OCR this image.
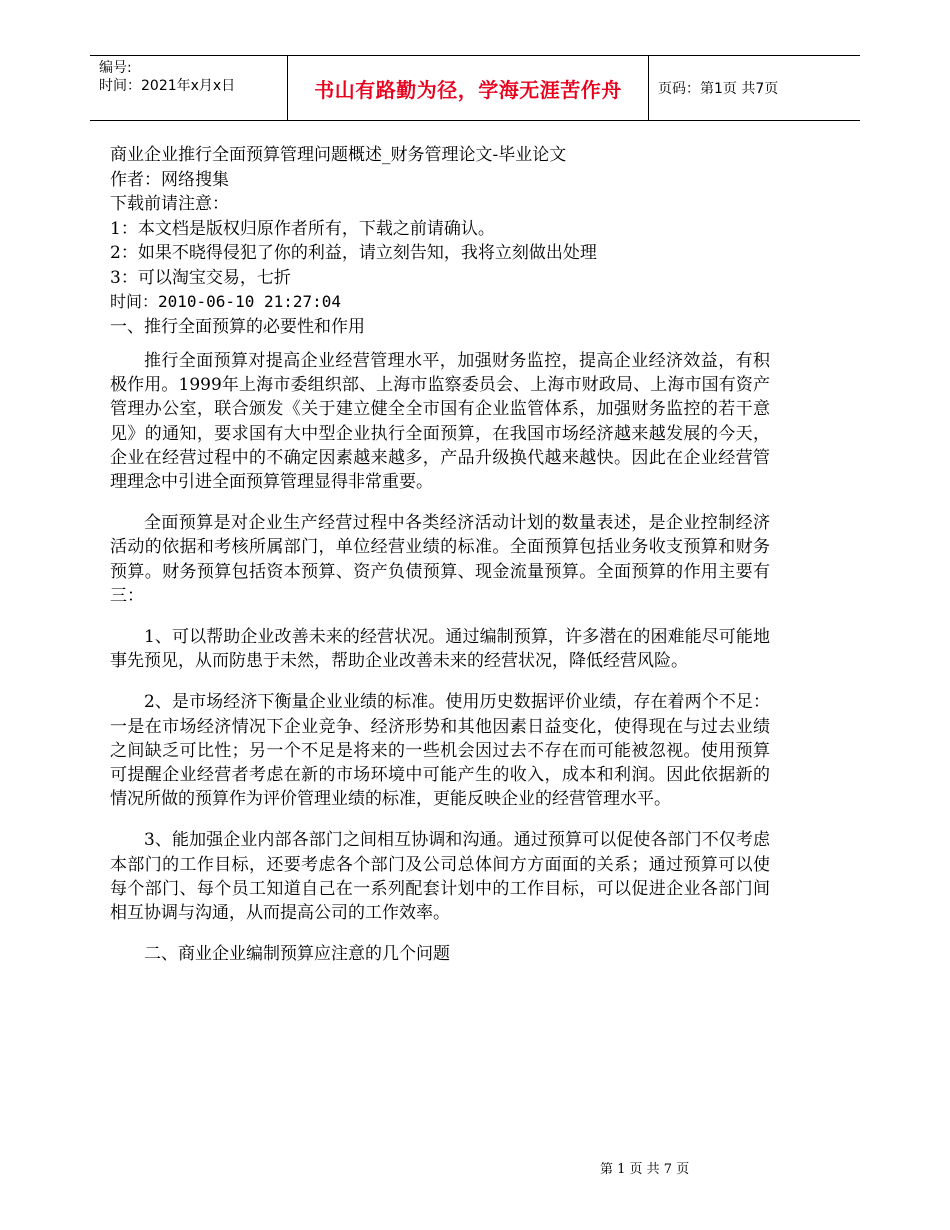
编号:
时间：2021年x月x日	书山有路勤为径，学海无涯苦作舟	页码：第1页 共7页
商业企业推行全面预算管理问题概述_财务管理论文-毕业论文
作者：网络搜集
下载前请注意：
1：本文档是版权归原作者所有，下载之前请确认。
2：如果不晓得侵犯了你的利益，请立刻告知，我将立刻做出处理
3：可以淘宝交易，七折
时间：2010-06-10 21:27:04
一、推行全面预算的必要性和作用

推行全面预算对提高企业经营管理水平，加强财务监控，提高企业经济效益，有积极作用。1999年上海市委组织部、上海市监察委员会、上海市财政局、上海市国有资产管理办公室，联合颁发《关于建立健全全市国有企业监管体系，加强财务监控的若干意见》的通知，要求国有大中型企业执行全面预算，在我国市场经济越来越发展的今天，企业在经营过程中的不确定因素越来越多，产品升级换代越来越快。因此在企业经营管理理念中引进全面预算管理显得非常重要。

全面预算是对企业生产经营过程中各类经济活动计划的数量表述，是企业控制经济活动的依据和考核所属部门，单位经营业绩的标准。全面预算包括业务收支预算和财务预算。财务预算包括资本预算、资产负债预算、现金流量预算。全面预算的作用主要有三：

1、可以帮助企业改善未来的经营状况。通过编制预算，许多潜在的困难能尽可能地事先预见，从而防患于未然，帮助企业改善未来的经营状况，降低经营风险。

2、是市场经济下衡量企业业绩的标准。使用历史数据评价业绩，存在着两个不足：一是在市场经济情况下企业竞争、经济形势和其他因素日益变化，使得现在与过去业绩之间缺乏可比性；另一个不足是将来的一些机会因过去不存在而可能被忽视。使用预算可提醒企业经营者考虑在新的市场环境中可能产生的收入，成本和利润。因此依据新的情况所做的预算作为评价管理业绩的标准，更能反映企业的经营管理水平。

3、能加强企业内部各部门之间相互协调和沟通。通过预算可以促使各部门不仅考虑本部门的工作目标，还要考虑各个部门及公司总体间方方面面的关系；通过预算可以使每个部门、每个员工知道自己在一系列配套计划中的工作目标，可以促进企业各部门间相互协调与沟通，从而提高公司的工作效率。

二、商业企业编制预算应注意的几个问题

第 1 页 共 7 页
